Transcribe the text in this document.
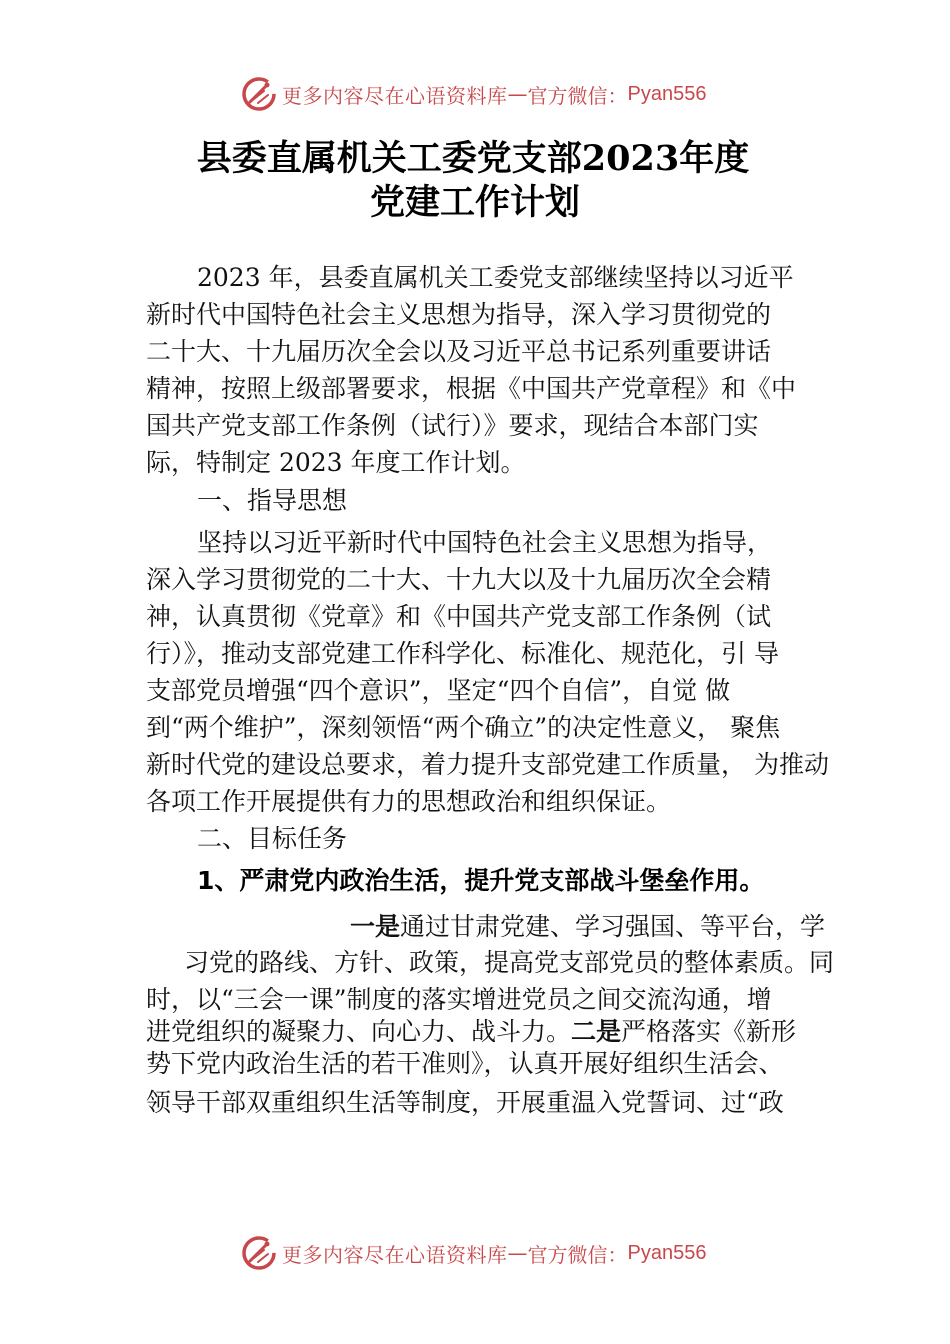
更多内容尽在心语资料库 — 官方微信： Pyan556
县委直属机关工委党支部2023年度
党建工作计划
2023 年，县委直属机关工委党支部继续坚持以习近平
新时代中国特色社会主义思想为指导，深入学习贯彻党的
二十大、十九届历次全会以及习近平总书记系列重要讲话
精神，按照上级部署要求，根据《中国共产党章程》和《中
国共产党支部工作条例（试行）》要求，现结合本部门实
际，特制定 2023 年度工作计划。
一、指导思想
坚持以习近平新时代中国特色社会主义思想为指导，
深入学习贯彻党的二十大、十九大以及十九届历次全会精
神，认真贯彻《党章》和《中国共产党支部工作条例（试
行）》，推动支部党建工作科学化、标准化、规范化，引 导
支部党员增强“四个意识”，坚定“四个自信”，自觉 做
到“两个维护”，深刻领悟“两个确立”的决定性意义， 聚焦
新时代党的建设总要求，着力提升支部党建工作质量， 为推动
各项工作开展提供有力的思想政治和组织保证。
二、目标任务
1、严肃党内政治生活，提升党支部战斗堡垒作用。
一是通过甘肃党建、学习强国、等平台，学
习党的路线、方针、政策，提高党支部党员的整体素质。同
时，以“三会一课”制度的落实增进党员之间交流沟通，增
进党组织的凝聚力、向心力、战斗力。二是严格落实《新形
势下党内政治生活的若干准则》，认真开展好组织生活会、
领导干部双重组织生活等制度，开展重温入党誓词、过“政
更多内容尽在心语资料库 — 官方微信： Pyan556
